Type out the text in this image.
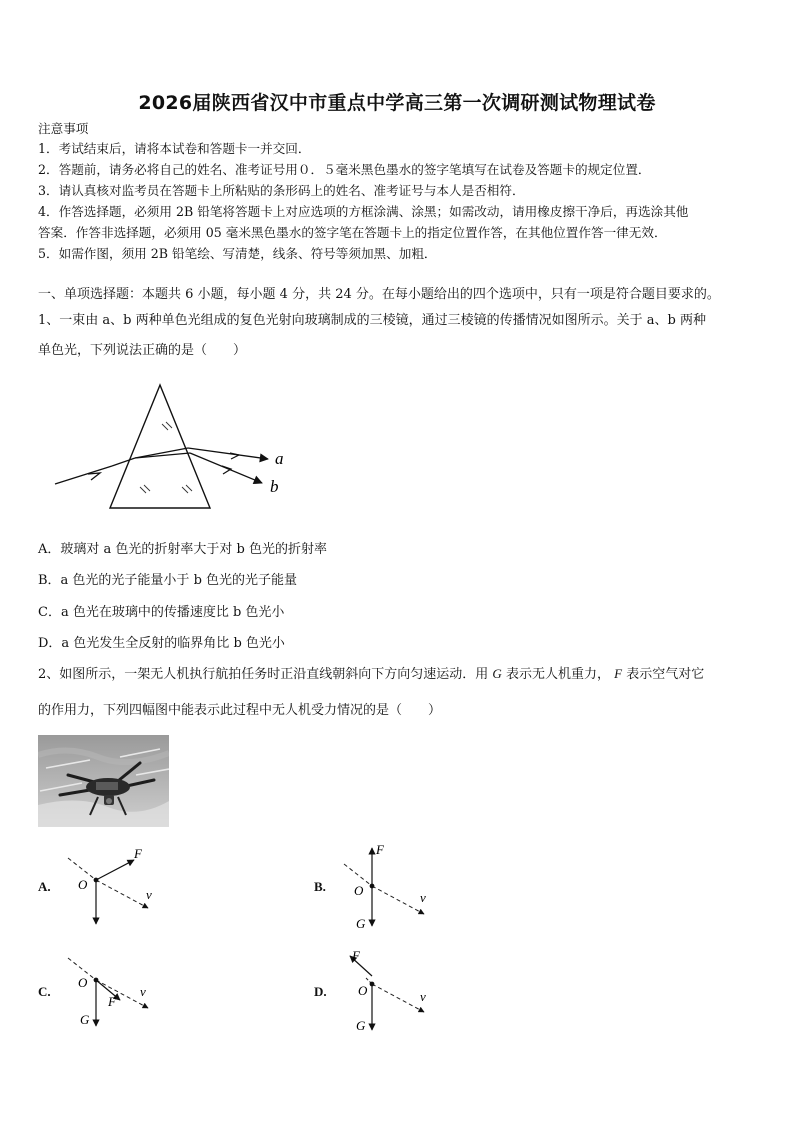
2026届陕西省汉中市重点中学高三第一次调研测试物理试卷
注意事项
1．考试结束后，请将本试卷和答题卡一并交回．
2．答题前，请务必将自己的姓名、准考证号用０．５毫米黑色墨水的签字笔填写在试卷及答题卡的规定位置．
3．请认真核对监考员在答题卡上所粘贴的条形码上的姓名、准考证号与本人是否相符．
4．作答选择题，必须用 2B 铅笔将答题卡上对应选项的方框涂满、涂黑；如需改动，请用橡皮擦干净后，再选涂其他
答案．作答非选择题，必须用 05 毫米黑色墨水的签字笔在答题卡上的指定位置作答，在其他位置作答一律无效．
5．如需作图，须用 2B 铅笔绘、写清楚，线条、符号等须加黑、加粗．
一、单项选择题：本题共 6 小题，每小题 4 分，共 24 分。在每小题给出的四个选项中，只有一项是符合题目要求的。
1、一束由 a、b 两种单色光组成的复色光射向玻璃制成的三棱镜，通过三棱镜的传播情况如图所示。关于 a、b 两种
单色光，下列说法正确的是（　　）
a
b
A．玻璃对 a 色光的折射率大于对 b 色光的折射率
B．a 色光的光子能量小于 b 色光的光子能量
C．a 色光在玻璃中的传播速度比 b 色光小
D．a 色光发生全反射的临界角比 b 色光小
2、如图所示，一架无人机执行航拍任务时正沿直线朝斜向下方向匀速运动．用 G 表示无人机重力， F 表示空气对它
的作用力，下列四幅图中能表示此过程中无人机受力情况的是（　　）
A. O
F
v
B.
F
O
G
v
C.
O
F
v
G
D.
F
O	v
G
